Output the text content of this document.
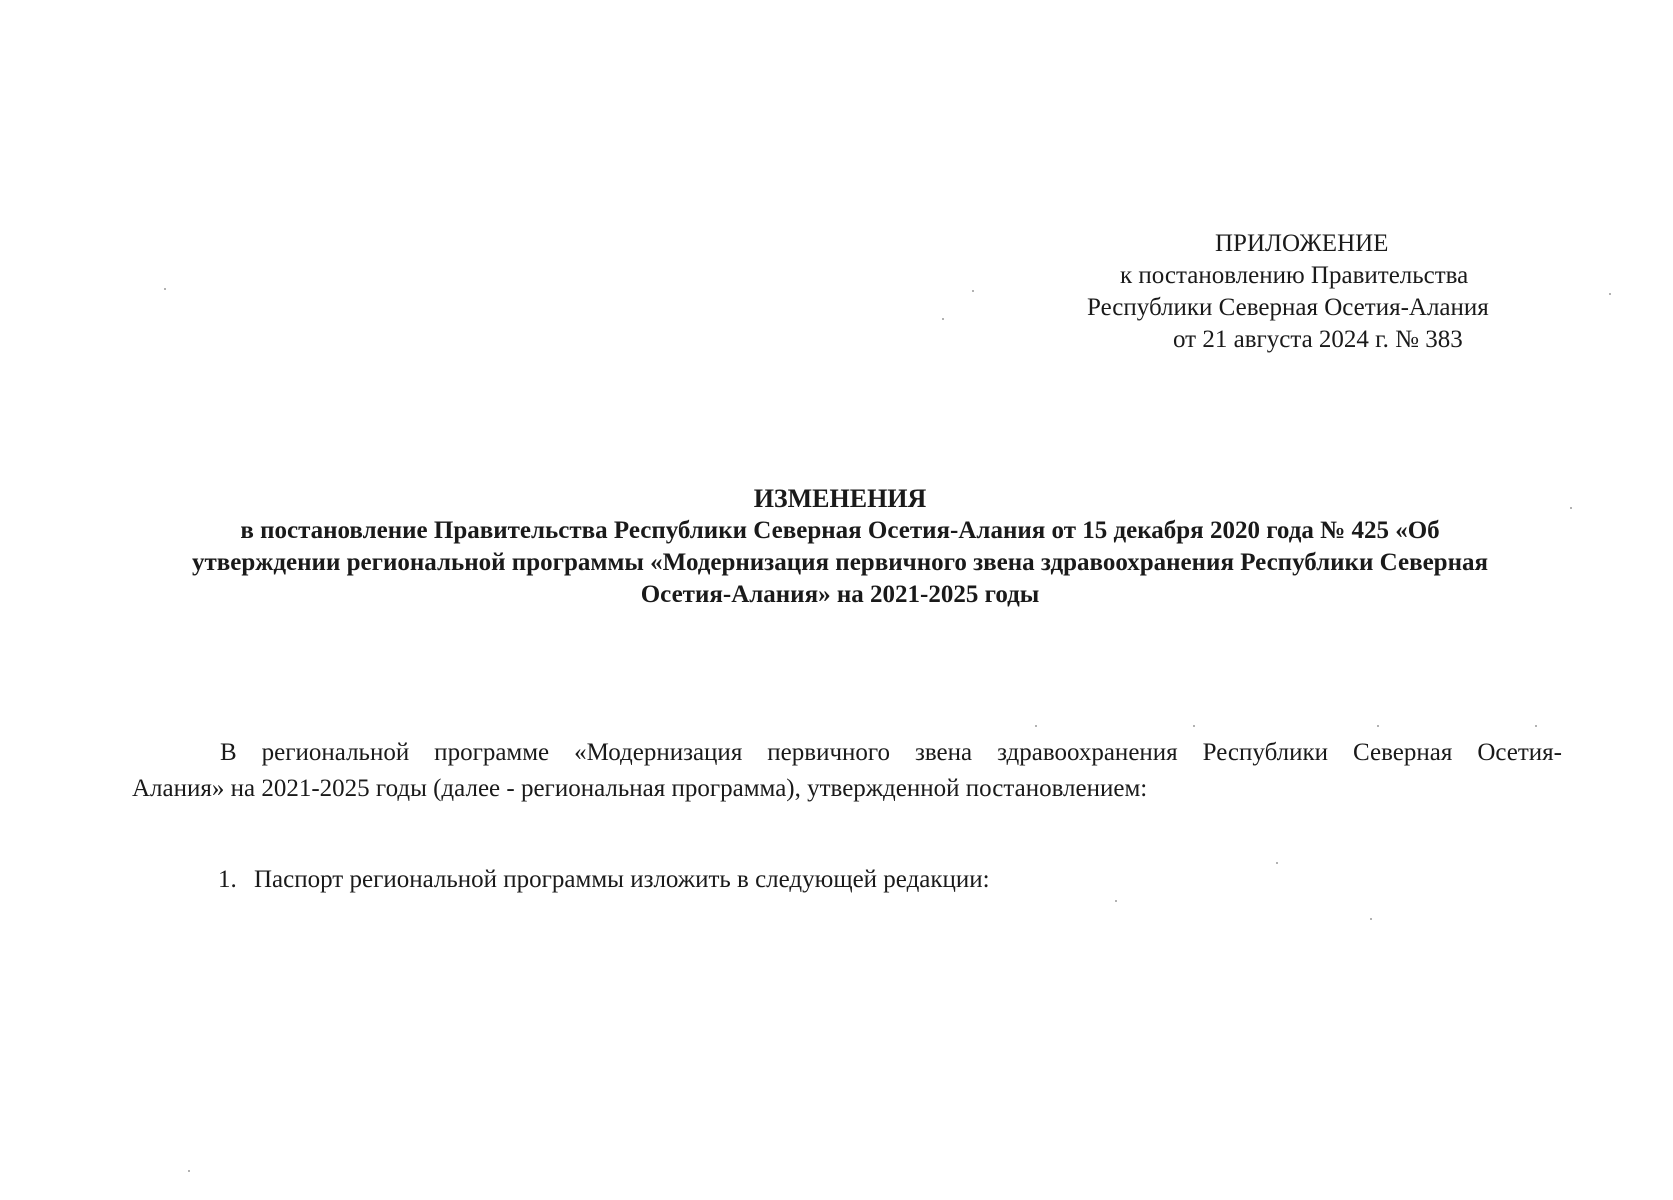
ПРИЛОЖЕНИЕ
к постановлению Правительства
Республики Северная Осетия-Алания
от 21 августа 2024 г. № 383
ИЗМЕНЕНИЯ
в постановление Правительства Республики Северная Осетия-Алания от 15 декабря 2020 года № 425 «Об
утверждении региональной программы «Модернизация первичного звена здравоохранения Республики Северная
Осетия-Алания» на 2021-2025 годы

В региональной программе «Модернизация первичного звена здравоохранения Республики Северная Осетия-
Алания» на 2021-2025 годы (далее - региональная программа), утвержденной постановлением:

1. Паспорт региональной программы изложить в следующей редакции:
